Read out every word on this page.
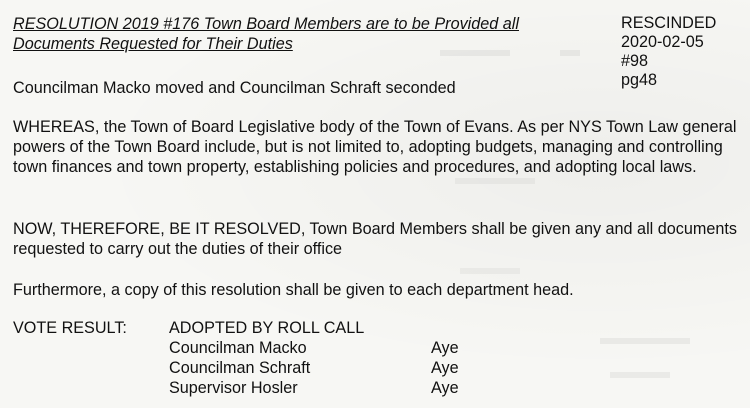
RESOLUTION 2019 #176 Town Board Members are to be Provided all
Documents Requested for Their Duties
RESCINDED
2020-02-05
#98
pg48
Councilman Macko moved and Councilman Schraft seconded
WHEREAS, the Town of Board Legislative body of the Town of Evans. As per NYS Town Law general powers of the Town Board include, but is not limited to, adopting budgets, managing and controlling town finances and town property, establishing policies and procedures, and adopting local laws.
NOW, THEREFORE, BE IT RESOLVED, Town Board Members shall be given any and all documents requested to carry out the duties of their office
Furthermore, a copy of this resolution shall be given to each department head.
VOTE RESULT:	ADOPTED BY ROLL CALL
Councilman Macko	Aye
Councilman Schraft	Aye
Supervisor Hosler	Aye
